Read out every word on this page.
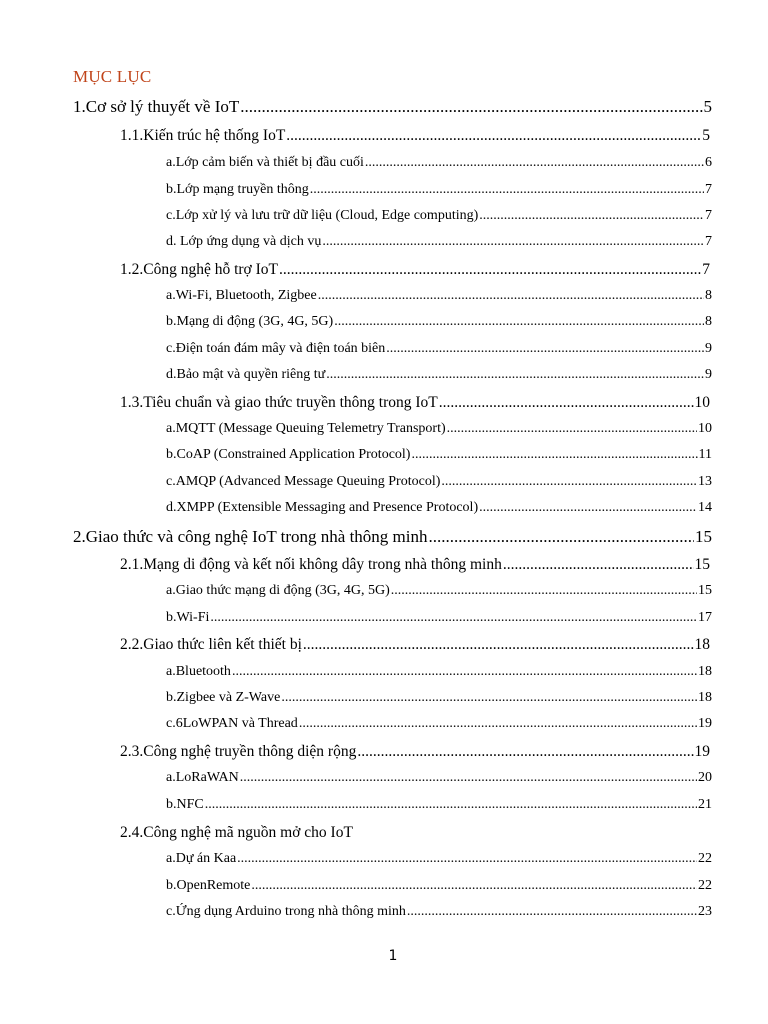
MỤC LỤC
1.Cơ sở lý thuyết về IoT .....	5
1.1.Kiến trúc hệ thống IoT .....	5
a.Lớp cảm biến và thiết bị đầu cuối .....	6
b.Lớp mạng truyền thông .....	7
c.Lớp xử lý và lưu trữ dữ liệu (Cloud, Edge computing) .....	7
d. Lớp ứng dụng và dịch vụ .....	7
1.2.Công nghệ hỗ trợ IoT .....	7
a.Wi-Fi, Bluetooth, Zigbee .....	8
b.Mạng di động (3G, 4G, 5G) .....	8
c.Điện toán đám mây và điện toán biên .....	9
d.Bảo mật và quyền riêng tư .....	9
1.3.Tiêu chuẩn và giao thức truyền thông trong IoT .....	10
a.MQTT (Message Queuing Telemetry Transport) .....	10
b.CoAP (Constrained Application Protocol) .....	11
c.AMQP (Advanced Message Queuing Protocol) .....	13
d.XMPP (Extensible Messaging and Presence Protocol) .....	14
2.Giao thức và công nghệ IoT trong nhà thông minh .....	15
2.1.Mạng di động và kết nối không dây trong nhà thông minh .....	15
a.Giao thức mạng di động (3G, 4G, 5G) .....	15
b.Wi-Fi .....	17
2.2.Giao thức liên kết thiết bị .....	18
a.Bluetooth .....	18
b.Zigbee và Z-Wave .....	18
c.6LoWPAN và Thread .....	19
2.3.Công nghệ truyền thông diện rộng .....	19
a.LoRaWAN .....	20
b.NFC .....	21
2.4.Công nghệ mã nguồn mở cho IoT
a.Dự án Kaa .....	22
b.OpenRemote .....	22
c.Ứng dụng Arduino trong nhà thông minh .....	23
1
